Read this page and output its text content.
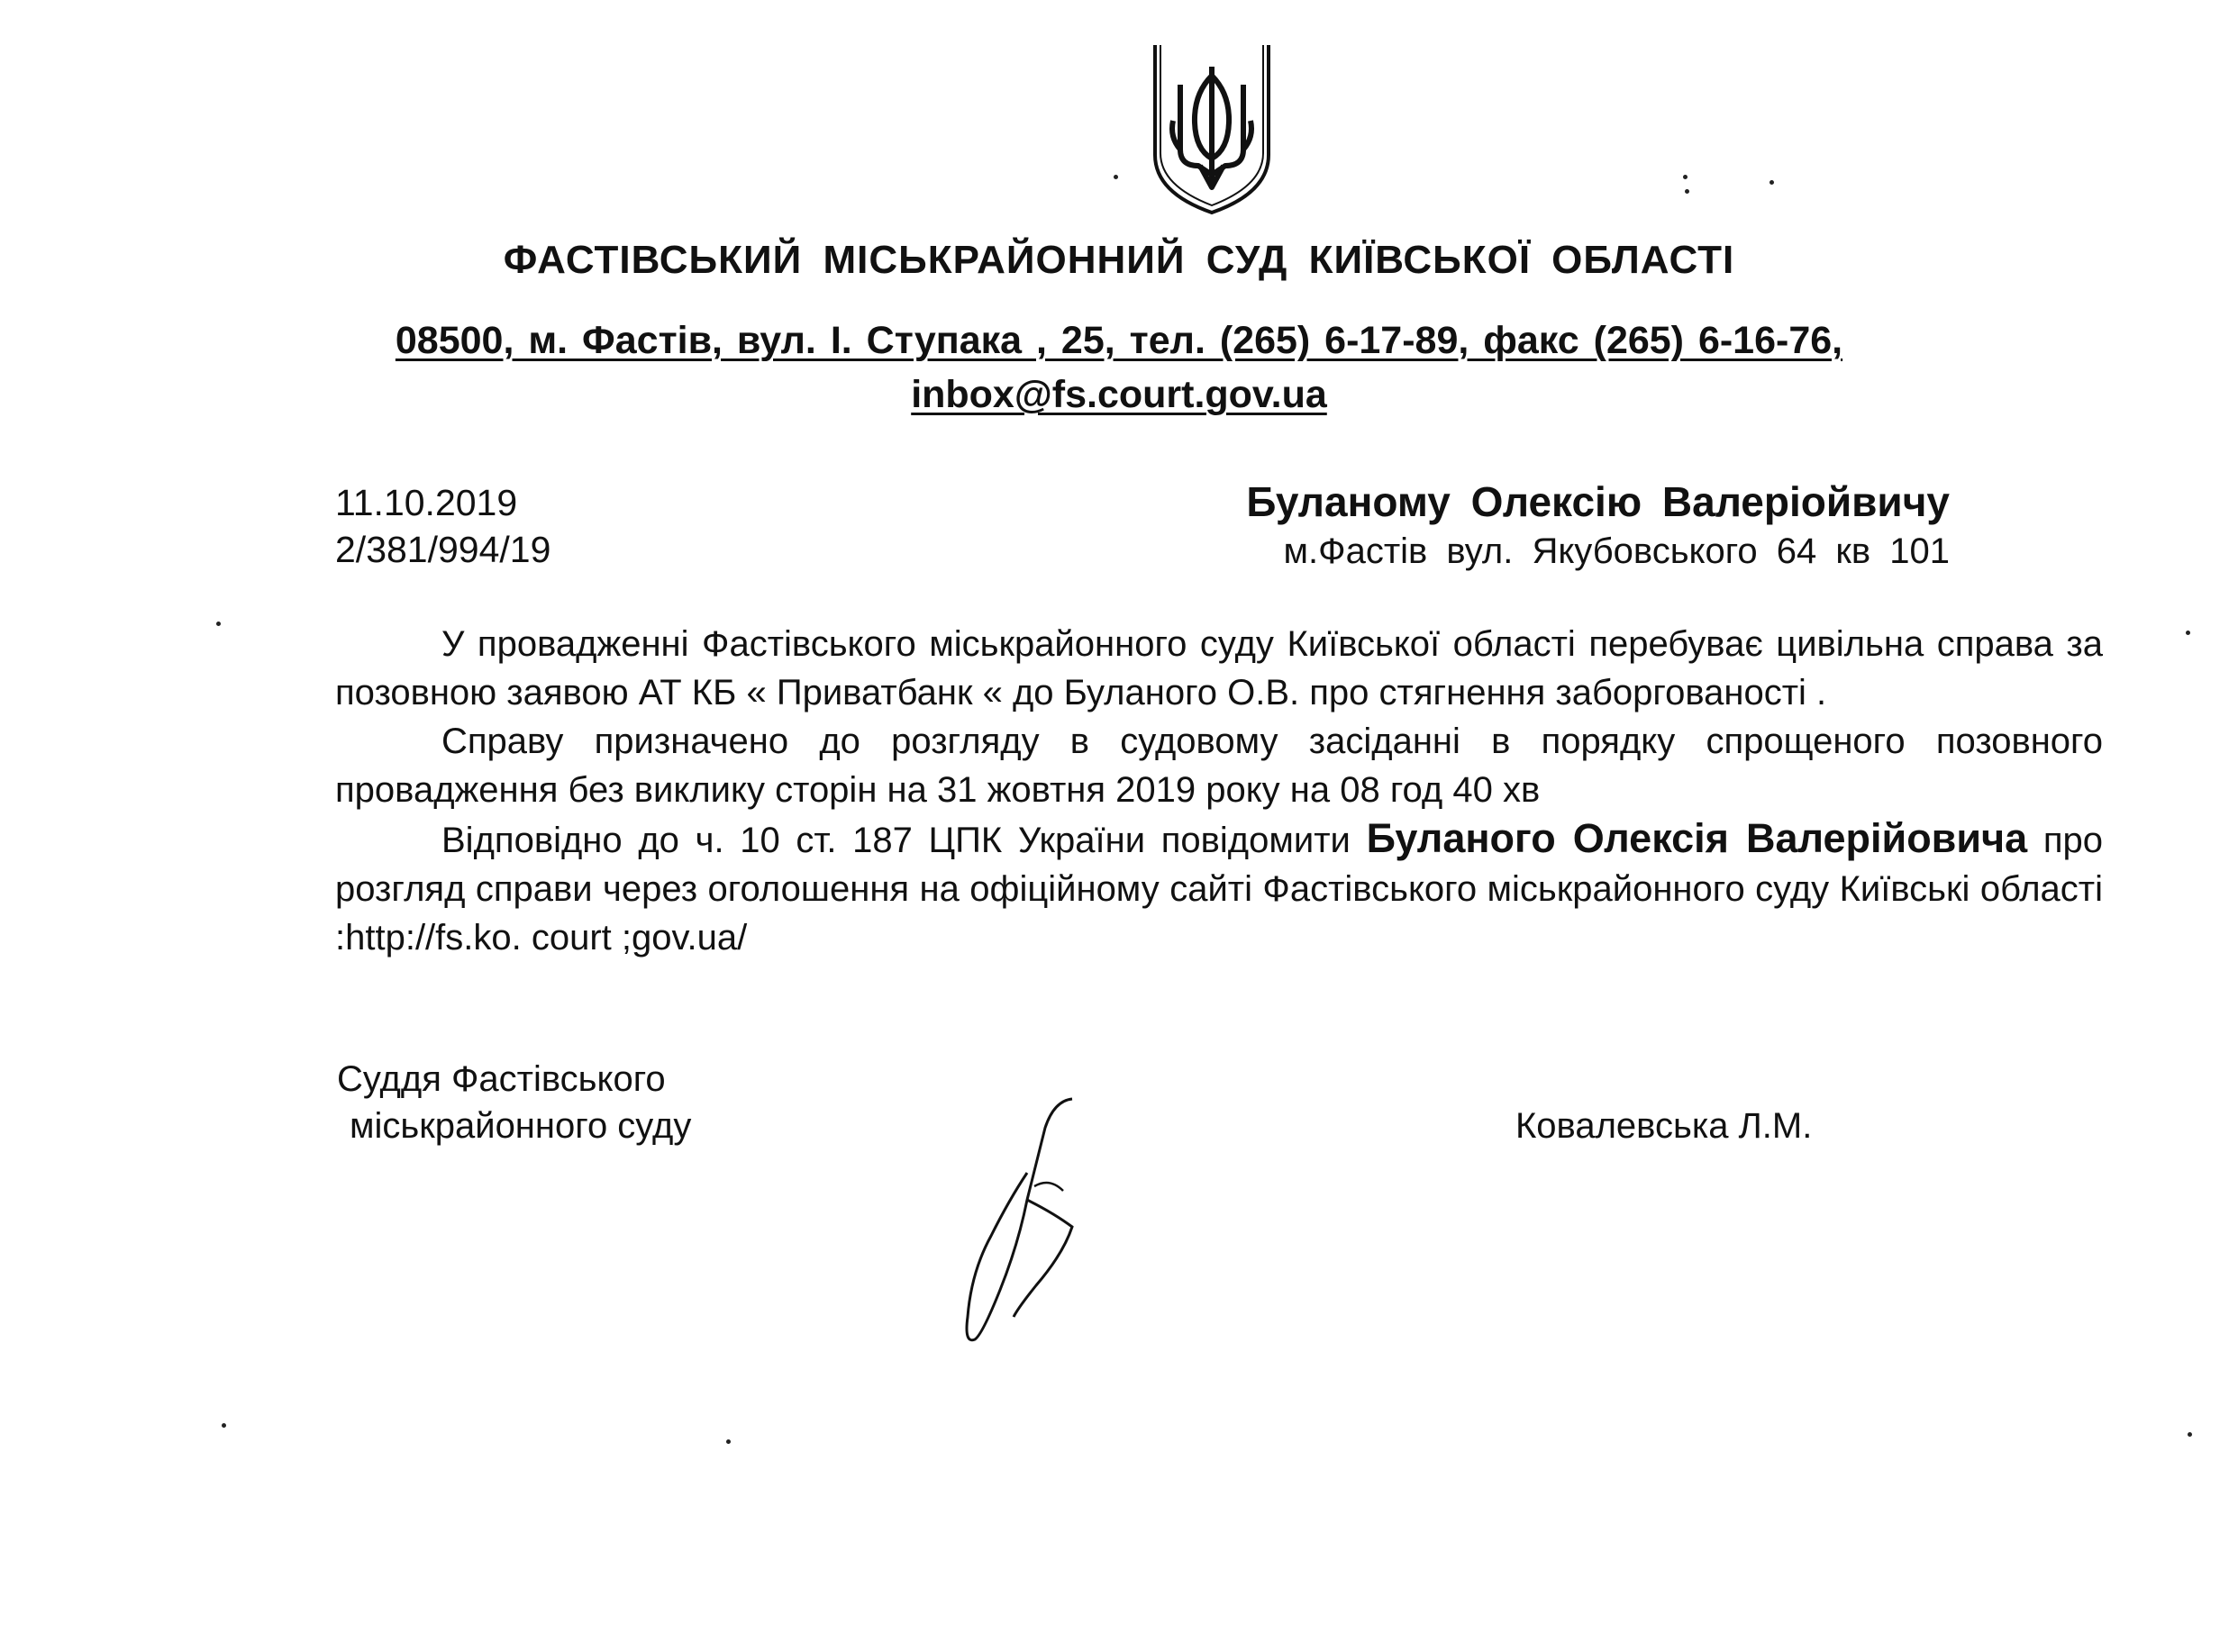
ФАСТІВСЬКИЙ МІСЬКРАЙОННИЙ СУД КИЇВСЬКОЇ ОБЛАСТІ
08500, м. Фастів, вул. І. Ступака , 25, тел. (265) 6-17-89, факс (265) 6-16-76,
inbox@fs.court.gov.ua
11.10.2019
2/381/994/19
Буланому Олексію Валеріойвичу
м.Фастів вул. Якубовського 64 кв 101

У провадженні Фастівського міськрайонного суду Київської області перебуває цивільна справа за позовною заявою АТ КБ « Приватбанк « до Буланого О.В. про стягнення заборгованості .

Справу призначено до розгляду в судовому засіданні в порядку спрощеного позовного провадження без виклику сторін на 31 жовтня 2019 року на 08 год 40 хв

Відповідно до ч. 10 ст. 187 ЦПК України повідомити Буланого Олексія Валерійовича про розгляд справи через оголошення на офіційному сайті Фастівського міськрайонного суду Київські області :http://fs.ko. court ;gov.ua/

Суддя Фастівського
міськрайонного суду	Ковалевська Л.М.
